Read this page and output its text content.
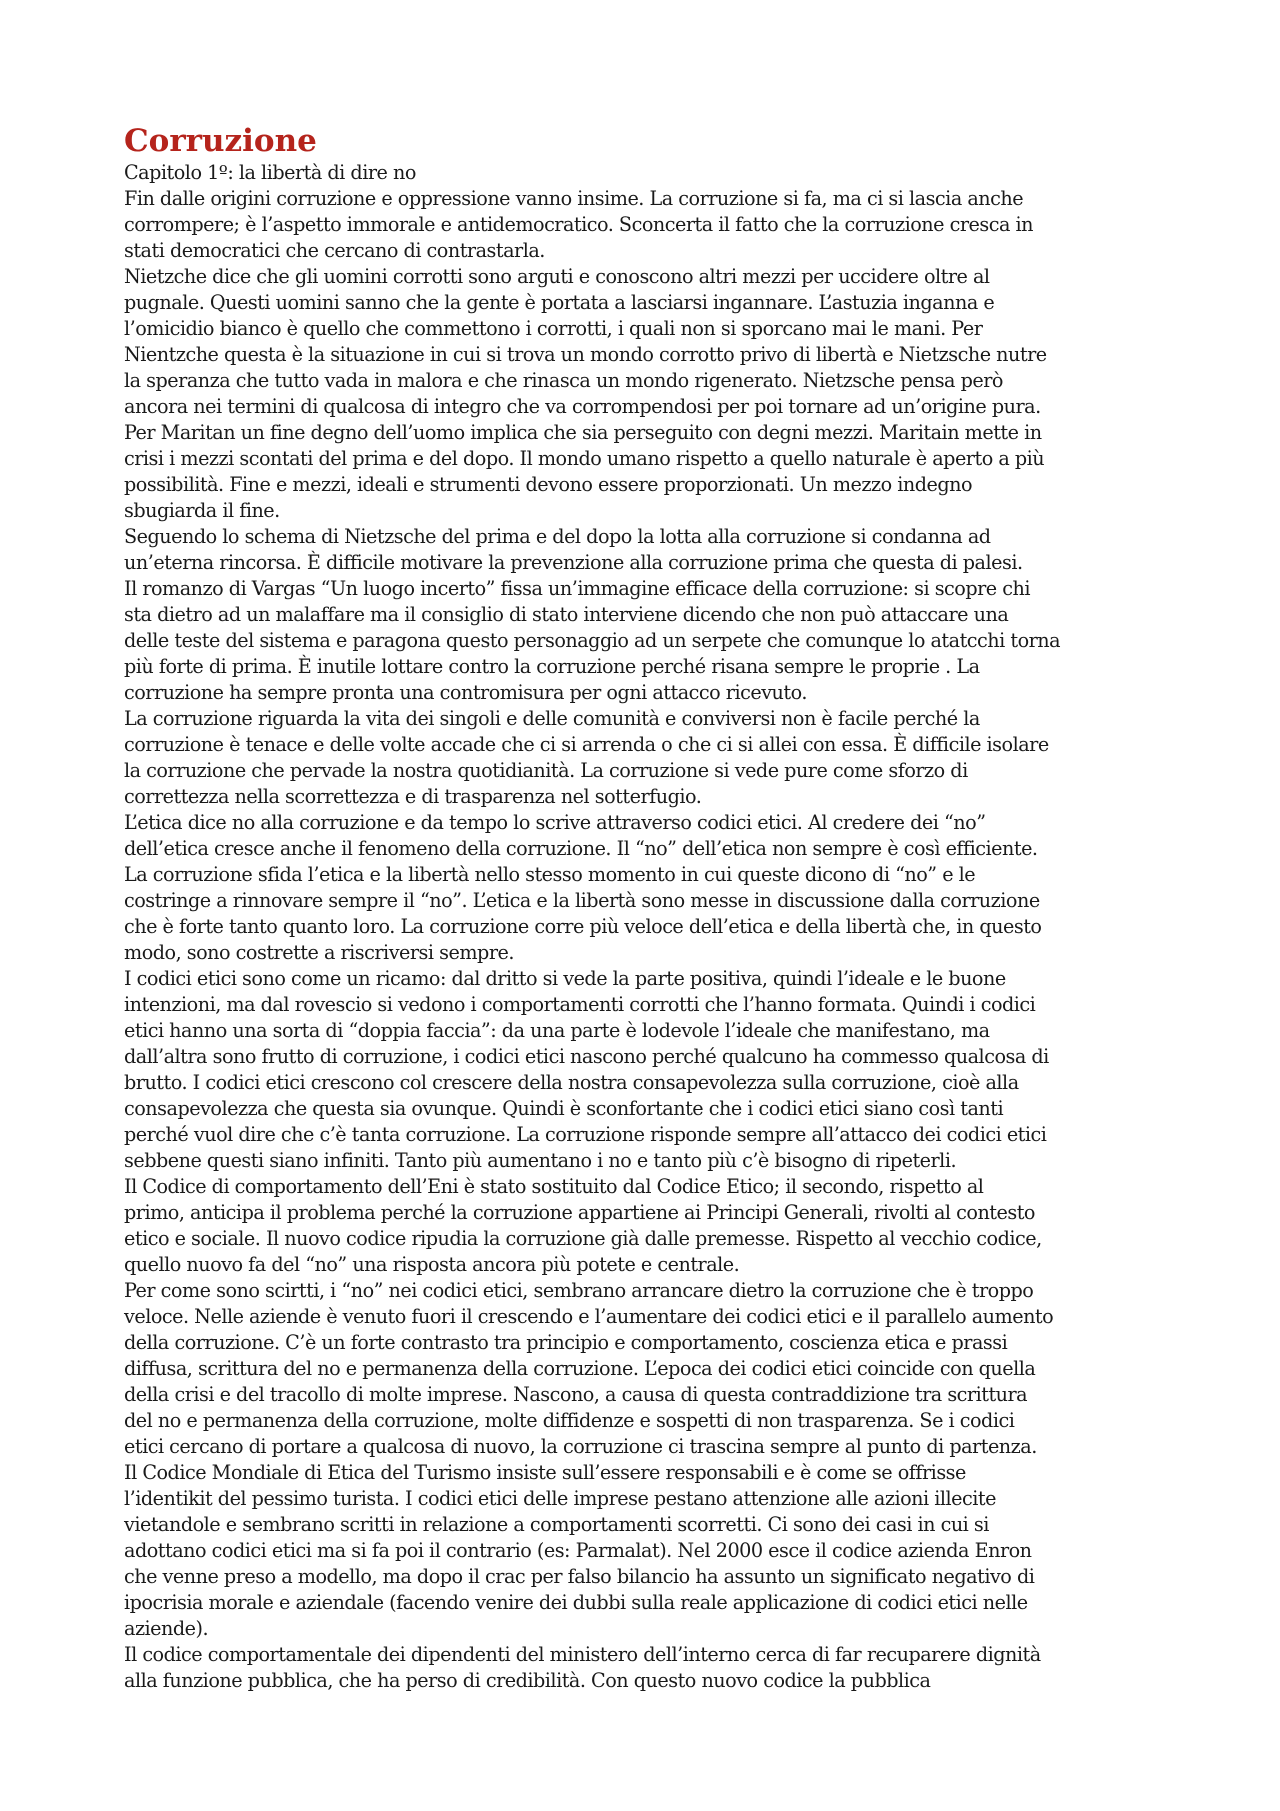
Corruzione
Capitolo 1º: la libertà di dire no
Fin dalle origini corruzione e oppressione vanno insime. La corruzione si fa, ma ci si lascia anche
corrompere; è l’aspetto immorale e antidemocratico. Sconcerta il fatto che la corruzione cresca in
stati democratici che cercano di contrastarla.
Nietzche dice che gli uomini corrotti sono arguti e conoscono altri mezzi per uccidere oltre al
pugnale. Questi uomini sanno che la gente è portata a lasciarsi ingannare. L’astuzia inganna e
l’omicidio bianco è quello che commettono i corrotti, i quali non si sporcano mai le mani. Per
Nientzche questa è la situazione in cui si trova un mondo corrotto privo di libertà e Nietzsche nutre
la speranza che tutto vada in malora e che rinasca un mondo rigenerato. Nietzsche pensa però
ancora nei termini di qualcosa di integro che va corrompendosi per poi tornare ad un’origine pura.
Per Maritan un fine degno dell’uomo implica che sia perseguito con degni mezzi. Maritain mette in
crisi i mezzi scontati del prima e del dopo. Il mondo umano rispetto a quello naturale è aperto a più
possibilità. Fine e mezzi, ideali e strumenti devono essere proporzionati. Un mezzo indegno
sbugiarda il fine.
Seguendo lo schema di Nietzsche del prima e del dopo la lotta alla corruzione si condanna ad
un’eterna rincorsa. È difficile motivare la prevenzione alla corruzione prima che questa di palesi.
Il romanzo di Vargas “Un luogo incerto” fissa un’immagine efficace della corruzione: si scopre chi
sta dietro ad un malaffare ma il consiglio di stato interviene dicendo che non può attaccare una
delle teste del sistema e paragona questo personaggio ad un serpete che comunque lo atatcchi torna
più forte di prima. È inutile lottare contro la corruzione perché risana sempre le proprie . La
corruzione ha sempre pronta una contromisura per ogni attacco ricevuto.
La corruzione riguarda la vita dei singoli e delle comunità e conviversi non è facile perché la
corruzione è tenace e delle volte accade che ci si arrenda o che ci si allei con essa. È difficile isolare
la corruzione che pervade la nostra quotidianità. La corruzione si vede pure come sforzo di
correttezza nella scorrettezza e di trasparenza nel sotterfugio.
L’etica dice no alla corruzione e da tempo lo scrive attraverso codici etici. Al credere dei “no”
dell’etica cresce anche il fenomeno della corruzione. Il “no” dell’etica non sempre è così efficiente.
La corruzione sfida l’etica e la libertà nello stesso momento in cui queste dicono di “no” e le
costringe a rinnovare sempre il “no”. L’etica e la libertà sono messe in discussione dalla corruzione
che è forte tanto quanto loro. La corruzione corre più veloce dell’etica e della libertà che, in questo
modo, sono costrette a riscriversi sempre.
I codici etici sono come un ricamo: dal dritto si vede la parte positiva, quindi l’ideale e le buone
intenzioni, ma dal rovescio si vedono i comportamenti corrotti che l’hanno formata. Quindi i codici
etici hanno una sorta di “doppia faccia”: da una parte è lodevole l’ideale che manifestano, ma
dall’altra sono frutto di corruzione, i codici etici nascono perché qualcuno ha commesso qualcosa di
brutto. I codici etici crescono col crescere della nostra consapevolezza sulla corruzione, cioè alla
consapevolezza che questa sia ovunque. Quindi è sconfortante che i codici etici siano così tanti
perché vuol dire che c’è tanta corruzione. La corruzione risponde sempre all’attacco dei codici etici
sebbene questi siano infiniti. Tanto più aumentano i no e tanto più c’è bisogno di ripeterli.
Il Codice di comportamento dell’Eni è stato sostituito dal Codice Etico; il secondo, rispetto al
primo, anticipa il problema perché la corruzione appartiene ai Principi Generali, rivolti al contesto
etico e sociale. Il nuovo codice ripudia la corruzione già dalle premesse. Rispetto al vecchio codice,
quello nuovo fa del “no” una risposta ancora più potete e centrale.
Per come sono scirtti, i “no” nei codici etici, sembrano arrancare dietro la corruzione che è troppo
veloce. Nelle aziende è venuto fuori il crescendo e l’aumentare dei codici etici e il parallelo aumento
della corruzione. C’è un forte contrasto tra principio e comportamento, coscienza etica e prassi
diffusa, scrittura del no e permanenza della corruzione. L’epoca dei codici etici coincide con quella
della crisi e del tracollo di molte imprese. Nascono, a causa di questa contraddizione tra scrittura
del no e permanenza della corruzione, molte diffidenze e sospetti di non trasparenza. Se i codici
etici cercano di portare a qualcosa di nuovo, la corruzione ci trascina sempre al punto di partenza.
Il Codice Mondiale di Etica del Turismo insiste sull’essere responsabili e è come se offrisse
l’identikit del pessimo turista. I codici etici delle imprese pestano attenzione alle azioni illecite
vietandole e sembrano scritti in relazione a comportamenti scorretti. Ci sono dei casi in cui si
adottano codici etici ma si fa poi il contrario (es: Parmalat). Nel 2000 esce il codice azienda Enron
che venne preso a modello, ma dopo il crac per falso bilancio ha assunto un significato negativo di
ipocrisia morale e aziendale (facendo venire dei dubbi sulla reale applicazione di codici etici nelle
aziende).
Il codice comportamentale dei dipendenti del ministero dell’interno cerca di far recuparere dignità
alla funzione pubblica, che ha perso di credibilità. Con questo nuovo codice la pubblica
